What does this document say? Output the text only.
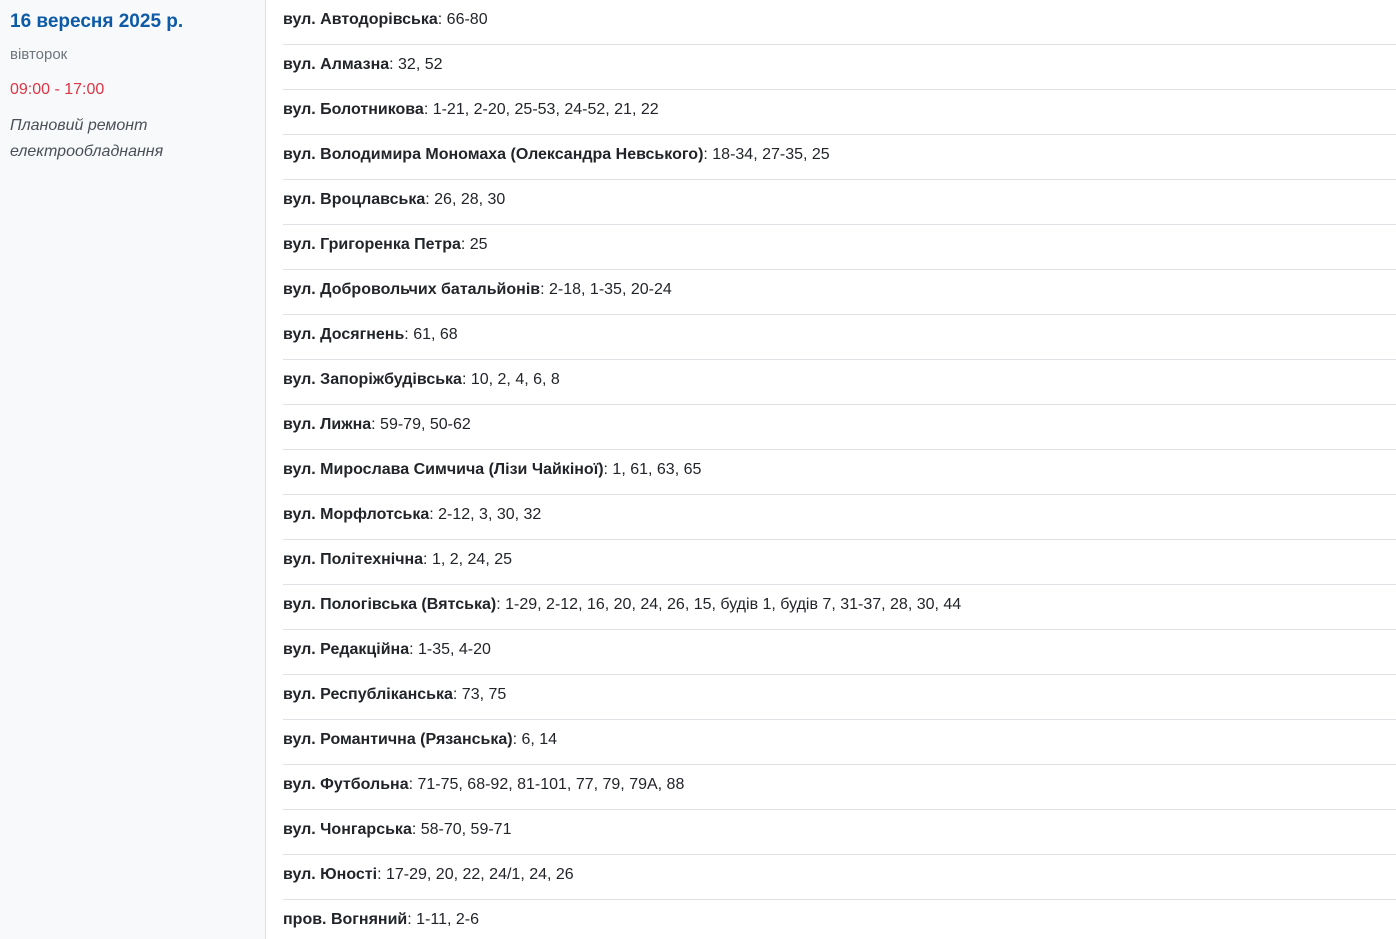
16 вересня 2025 р.
вівторок
09:00 - 17:00
Плановий ремонт електрообладнання
вул. Автодорівська: 66-80
вул. Алмазна: 32, 52
вул. Болотникова: 1-21, 2-20, 25-53, 24-52, 21, 22
вул. Володимира Мономаха (Олександра Невського): 18-34, 27-35, 25
вул. Вроцлавська: 26, 28, 30
вул. Григоренка Петра: 25
вул. Добровольчих батальйонів: 2-18, 1-35, 20-24
вул. Досягнень: 61, 68
вул. Запоріжбудівська: 10, 2, 4, 6, 8
вул. Лижна: 59-79, 50-62
вул. Мирослава Симчича (Лізи Чайкіної): 1, 61, 63, 65
вул. Морфлотська: 2-12, 3, 30, 32
вул. Політехнічна: 1, 2, 24, 25
вул. Пологівська (Вятська): 1-29, 2-12, 16, 20, 24, 26, 15, будів 1, будів 7, 31-37, 28, 30, 44
вул. Редакційна: 1-35, 4-20
вул. Республіканська: 73, 75
вул. Романтична (Рязанська): 6, 14
вул. Футбольна: 71-75, 68-92, 81-101, 77, 79, 79А, 88
вул. Чонгарська: 58-70, 59-71
вул. Юності: 17-29, 20, 22, 24/1, 24, 26
пров. Вогняний: 1-11, 2-6
